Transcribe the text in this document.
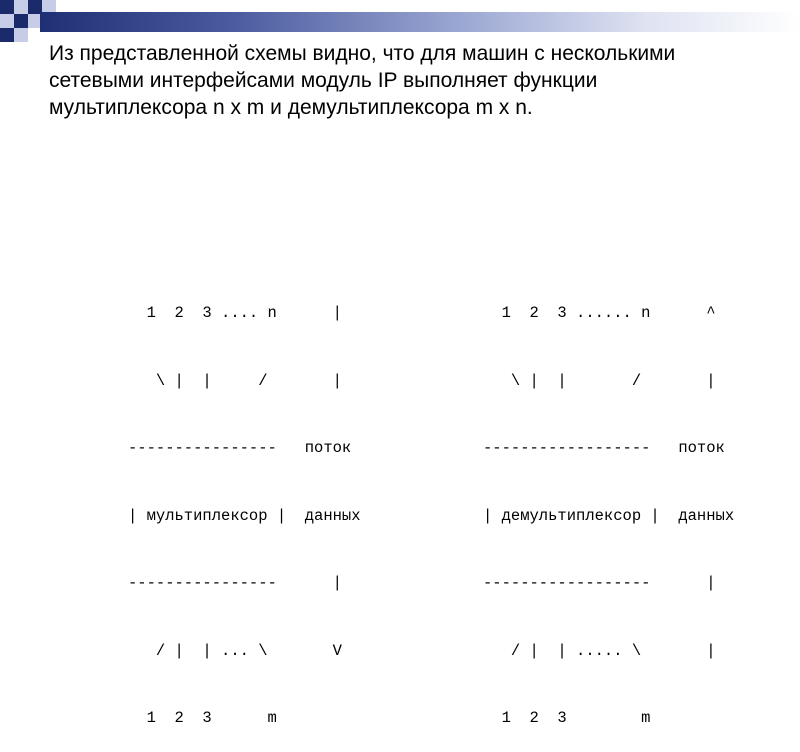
Из представленной схемы видно, что для машин с несколькими сетевыми интерфейсами модуль IP выполняет функции мультиплексора n x m и демультиплексора m x n.

1  2  3 .... n      |

\ |  |     /       |

----------------   поток

| мультиплексор |  данных

----------------      |

/ |  | ... \       V

1  2  3      m

1  2  3 ...... n      ^

\ |  |       /       |

------------------   поток

| демультиплексор |  данных

------------------      |

/ |  | ..... \       |

1  2  3        m
